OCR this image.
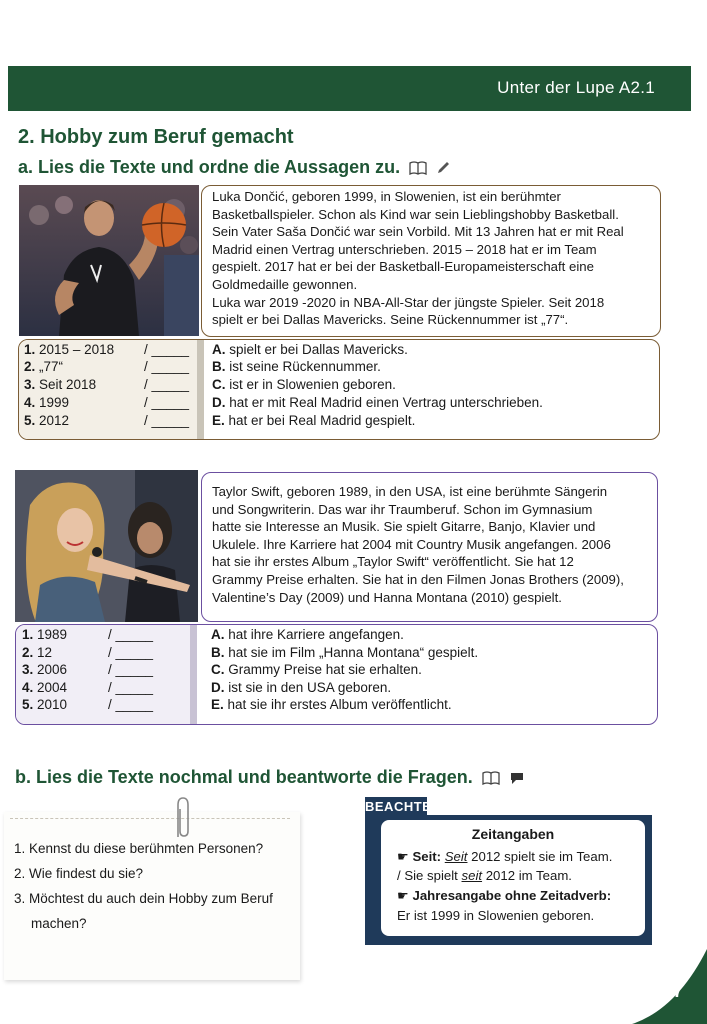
Unter der Lupe A2.1
2. Hobby zum Beruf gemacht
a. Lies die Texte und ordne die Aussagen zu.
Luka Dončić, geboren 1999, in Slowenien, ist ein berühmter
Basketballspieler. Schon als Kind war sein Lieblingshobby Basketball.
Sein Vater Saša Dončić war sein Vorbild. Mit 13 Jahren hat er mit Real
Madrid einen Vertrag unterschrieben. 2015 – 2018 hat er im Team
gespielt. 2017 hat er bei der Basketball-Europameisterschaft eine
Goldmedaille gewonnen.
Luka war 2019 -2020 in NBA-All-Star der jüngste Spieler. Seit 2018
spielt er bei Dallas Mavericks. Seine Rückennummer ist „77“.
1. 2015 – 2018
2. „77“
3. Seit 2018
4. 1999
5. 2012
/ _____
/ _____
/ _____
/ _____
/ _____
A. spielt er bei Dallas Mavericks.
B. ist seine Rückennummer.
C. ist er in Slowenien geboren.
D. hat er mit Real Madrid einen Vertrag unterschrieben.
E. hat er bei Real Madrid gespielt.
Taylor Swift, geboren 1989, in den USA, ist eine berühmte Sängerin
und Songwriterin. Das war ihr Traumberuf. Schon im Gymnasium
hatte sie Interesse an Musik. Sie spielt Gitarre, Banjo, Klavier und
Ukulele. Ihre Karriere hat 2004 mit Country Musik angefangen. 2006
hat sie ihr erstes Album „Taylor Swift“ veröffentlicht. Sie hat 12
Grammy Preise erhalten. Sie hat in den Filmen Jonas Brothers (2009),
Valentine’s Day (2009) und Hanna Montana (2010) gespielt.
1. 1989
2. 12
3. 2006
4. 2004
5. 2010
/ _____
/ _____
/ _____
/ _____
/ _____
A. hat ihre Karriere angefangen.
B. hat sie im Film „Hanna Montana“ gespielt.
C. Grammy Preise hat sie erhalten.
D. ist sie in den USA geboren.
E. hat sie ihr erstes Album veröffentlicht.
b. Lies die Texte nochmal und beantworte die Fragen.
1. Kennst du diese berühmten Personen?
2. Wie findest du sie?
3. Möchtest du auch dein Hobby zum Beruf
machen?
BEACHTE
Zeitangaben
☛ Seit: Seit 2012 spielt sie im Team.
/ Sie spielt seit 2012 im Team.
☛ Jahresangabe ohne Zeitadverb:
Er ist 1999 in Slowenien geboren.
17
